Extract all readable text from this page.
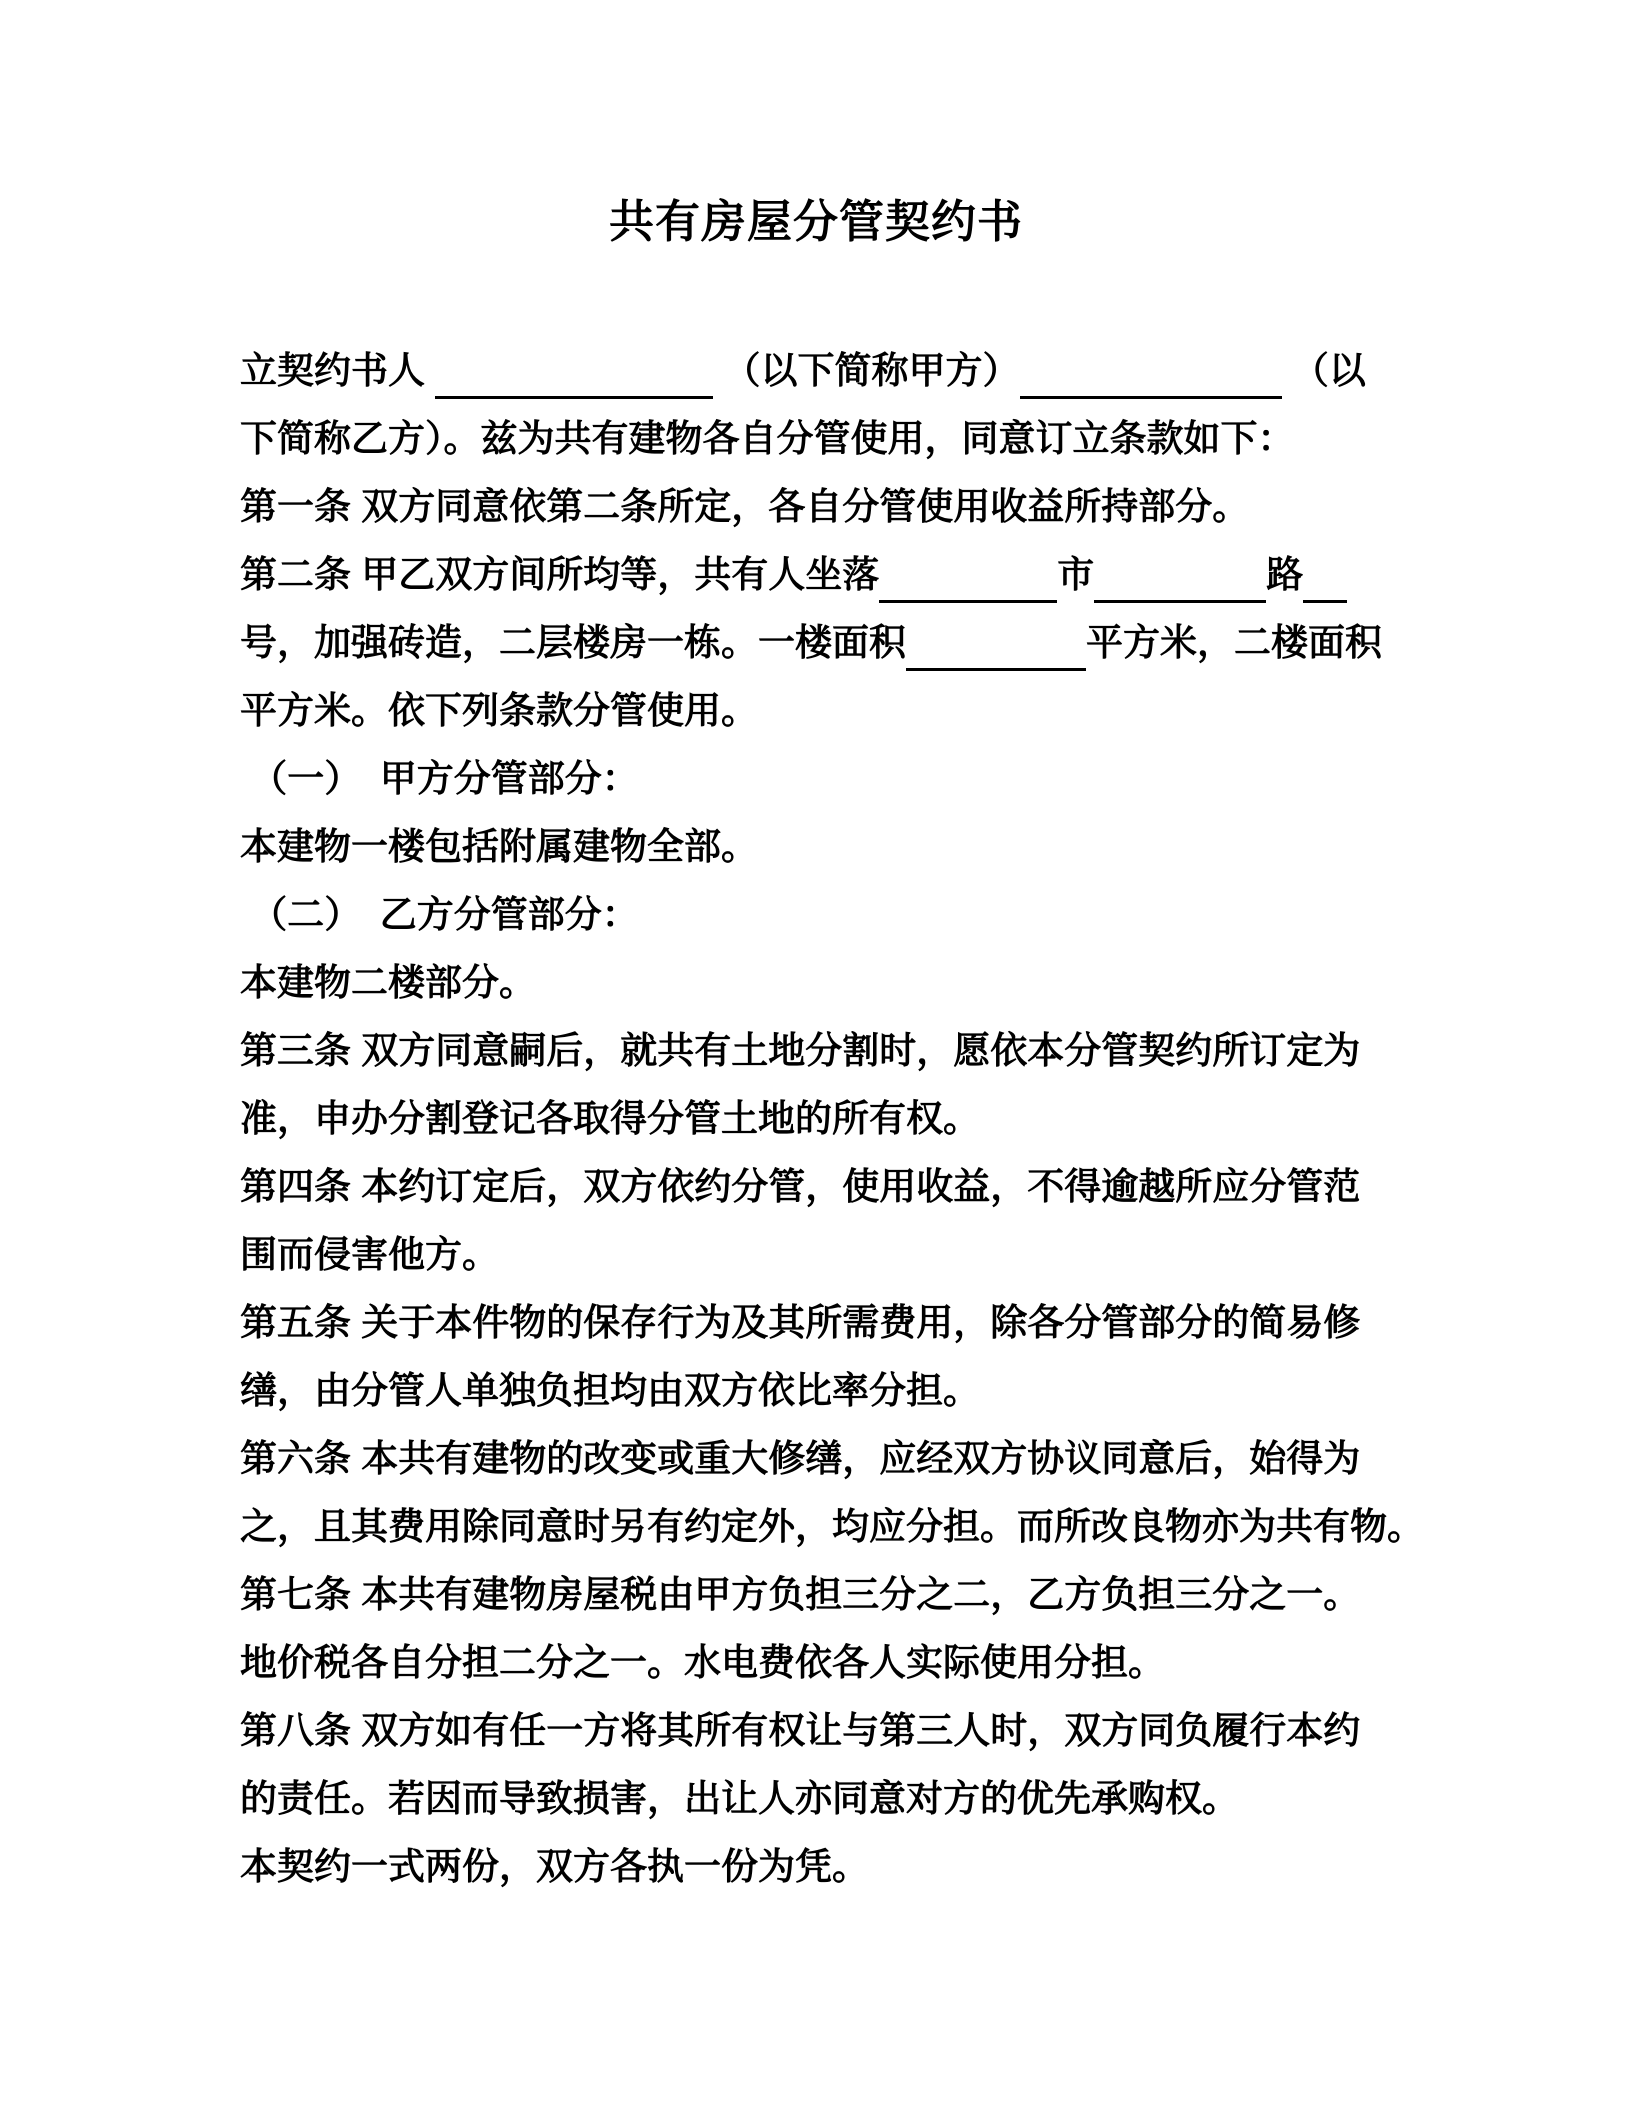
共有房屋分管契约书
立契约书人	（以下简称甲方）	（以
下简称乙方）。兹为共有建物各自分管使用，同意订立条款如下：
第一条 双方同意依第二条所定，各自分管使用收益所持部分。
第二条 甲乙双方间所均等，共有人坐落	市	路
号，加强砖造，二层楼房一栋。一楼面积	平方米，二楼面积
平方米。依下列条款分管使用。
（一）　甲方分管部分：
本建物一楼包括附属建物全部。
（二）　乙方分管部分：
本建物二楼部分。
第三条 双方同意嗣后，就共有土地分割时，愿依本分管契约所订定为
准，申办分割登记各取得分管土地的所有权。
第四条 本约订定后，双方依约分管，使用收益，不得逾越所应分管范
围而侵害他方。
第五条 关于本件物的保存行为及其所需费用，除各分管部分的简易修
缮，由分管人单独负担均由双方依比率分担。
第六条 本共有建物的改变或重大修缮，应经双方协议同意后，始得为
之，且其费用除同意时另有约定外，均应分担。而所改良物亦为共有物。
第七条 本共有建物房屋税由甲方负担三分之二，乙方负担三分之一。
地价税各自分担二分之一。水电费依各人实际使用分担。
第八条 双方如有任一方将其所有权让与第三人时，双方同负履行本约
的责任。若因而导致损害，出让人亦同意对方的优先承购权。
本契约一式两份，双方各执一份为凭。
